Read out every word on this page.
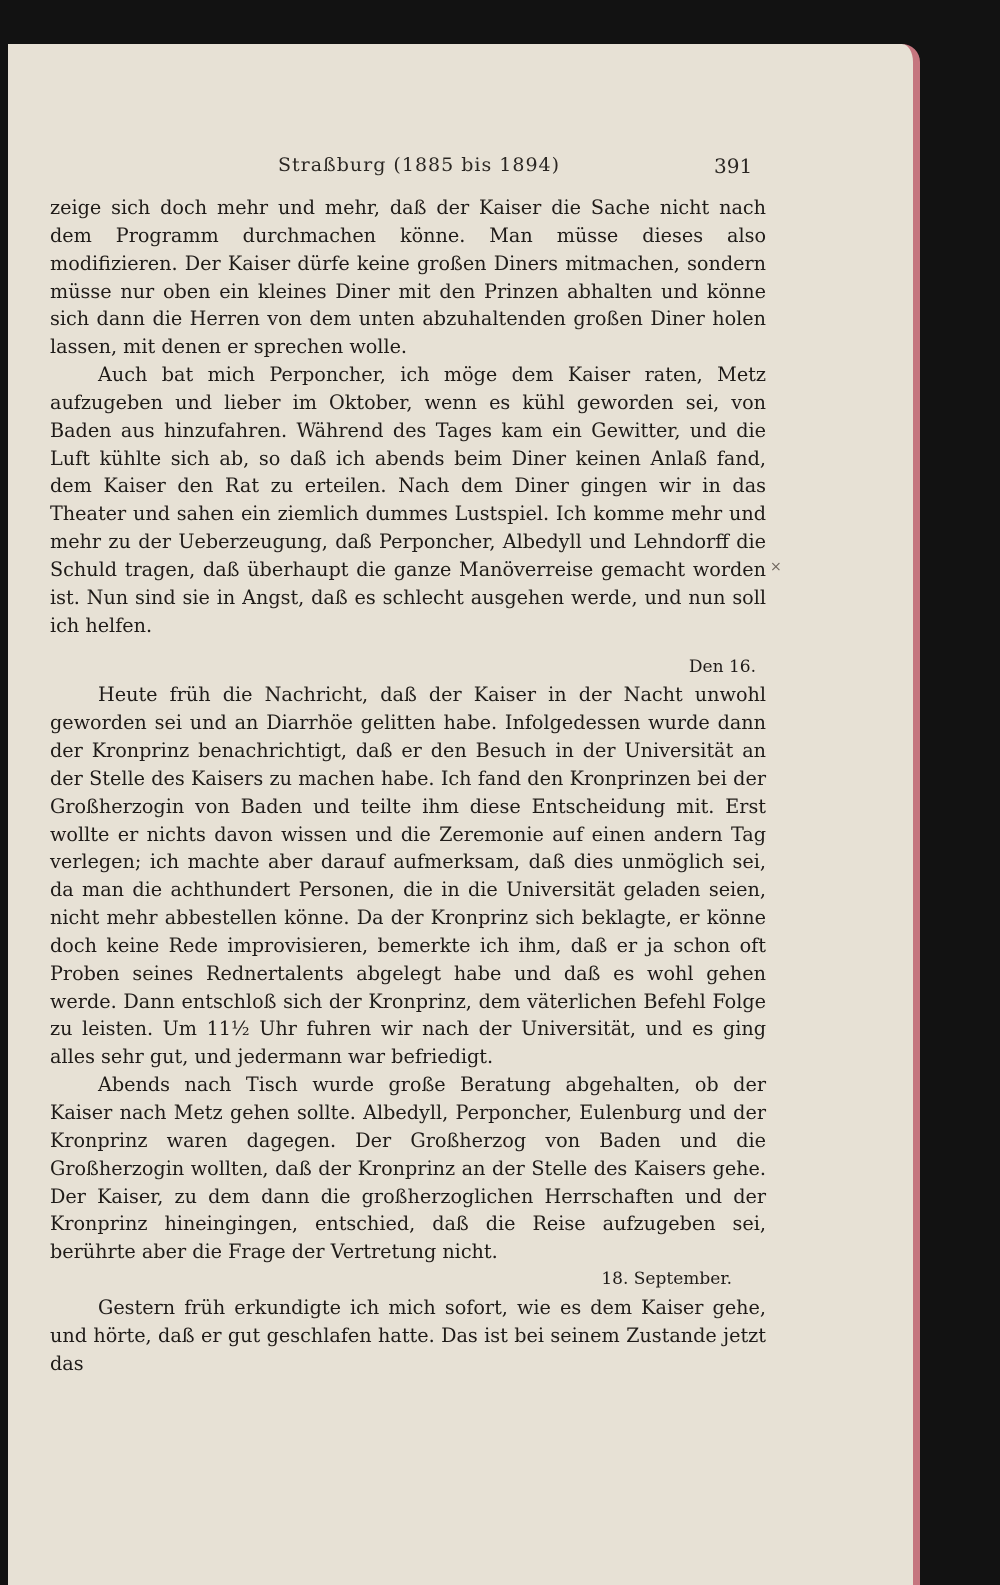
Straßburg (1885 bis 1894)	391

zeige sich doch mehr und mehr, daß der Kaiser die Sache nicht nach dem Programm durchmachen könne. Man müsse dieses also modifizieren. Der Kaiser dürfe keine großen Diners mitmachen, sondern müsse nur oben ein kleines Diner mit den Prinzen abhalten und könne sich dann die Herren von dem unten abzuhaltenden großen Diner holen lassen, mit denen er sprechen wolle.

Auch bat mich Perponcher, ich möge dem Kaiser raten, Metz aufzugeben und lieber im Oktober, wenn es kühl geworden sei, von Baden aus hinzufahren. Während des Tages kam ein Gewitter, und die Luft kühlte sich ab, so daß ich abends beim Diner keinen Anlaß fand, dem Kaiser den Rat zu erteilen. Nach dem Diner gingen wir in das Theater und sahen ein ziemlich dummes Lustspiel. Ich komme mehr und mehr zu der Ueberzeugung, daß Perponcher, Albedyll und Lehndorff die Schuld tragen, daß überhaupt die ganze Manöverreise gemacht worden ist. Nun sind sie in Angst, daß es schlecht ausgehen werde, und nun soll ich helfen.

Den 16.

Heute früh die Nachricht, daß der Kaiser in der Nacht unwohl geworden sei und an Diarrhöe gelitten habe. Infolgedessen wurde dann der Kronprinz benachrichtigt, daß er den Besuch in der Universität an der Stelle des Kaisers zu machen habe. Ich fand den Kronprinzen bei der Großherzogin von Baden und teilte ihm diese Entscheidung mit. Erst wollte er nichts davon wissen und die Zeremonie auf einen andern Tag verlegen; ich machte aber darauf aufmerksam, daß dies unmöglich sei, da man die achthundert Personen, die in die Universität geladen seien, nicht mehr abbestellen könne. Da der Kronprinz sich beklagte, er könne doch keine Rede improvisieren, bemerkte ich ihm, daß er ja schon oft Proben seines Rednertalents abgelegt habe und daß es wohl gehen werde. Dann entschloß sich der Kronprinz, dem väterlichen Befehl Folge zu leisten. Um 11½ Uhr fuhren wir nach der Universität, und es ging alles sehr gut, und jedermann war befriedigt.

Abends nach Tisch wurde große Beratung abgehalten, ob der Kaiser nach Metz gehen sollte. Albedyll, Perponcher, Eulenburg und der Kronprinz waren dagegen. Der Großherzog von Baden und die Großherzogin wollten, daß der Kronprinz an der Stelle des Kaisers gehe. Der Kaiser, zu dem dann die großherzoglichen Herrschaften und der Kronprinz hineingingen, entschied, daß die Reise aufzugeben sei, berührte aber die Frage der Vertretung nicht.

18. September.

Gestern früh erkundigte ich mich sofort, wie es dem Kaiser gehe, und hörte, daß er gut geschlafen hatte. Das ist bei seinem Zustande jetzt das

×
